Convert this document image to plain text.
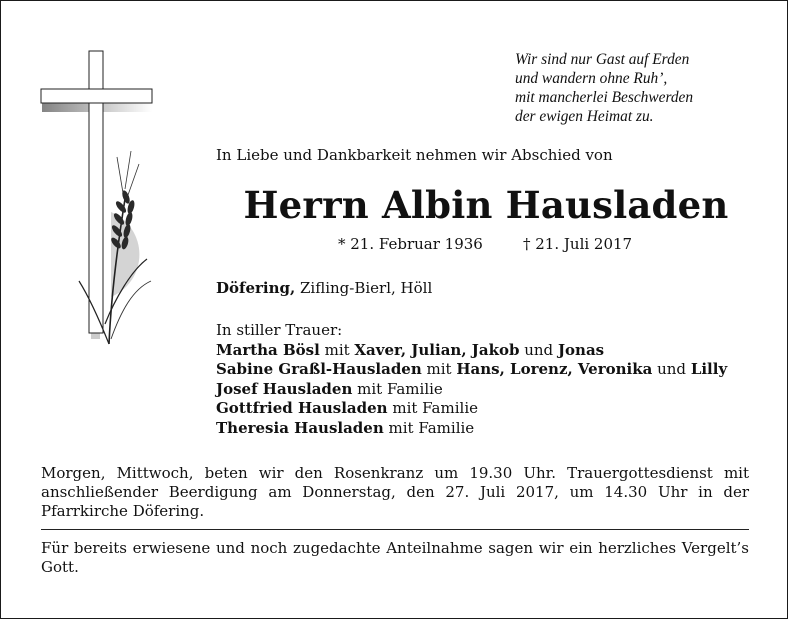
Wir sind nur Gast auf Erden
und wandern ohne Ruh’,
mit mancherlei Beschwerden
der ewigen Heimat zu.
In Liebe und Dankbarkeit nehmen wir Abschied von
Herrn Albin Hausladen
* 21. Februar 1936	† 21. Juli 2017
Döfering, Zifling-Bierl, Höll
In stiller Trauer:
Martha Bösl mit Xaver, Julian, Jakob und Jonas
Sabine Graßl-Hausladen mit Hans, Lorenz, Veronika und Lilly
Josef Hausladen mit Familie
Gottfried Hausladen mit Familie
Theresia Hausladen mit Familie
Morgen, Mittwoch, beten wir den Rosenkranz um 19.30 Uhr. Trauergottesdienst mit anschließender Beerdigung am Donnerstag, den 27. Juli 2017, um 14.30 Uhr in der Pfarrkirche Döfering.
Für bereits erwiesene und noch zugedachte Anteilnahme sagen wir ein herzliches Vergelt’s Gott.
